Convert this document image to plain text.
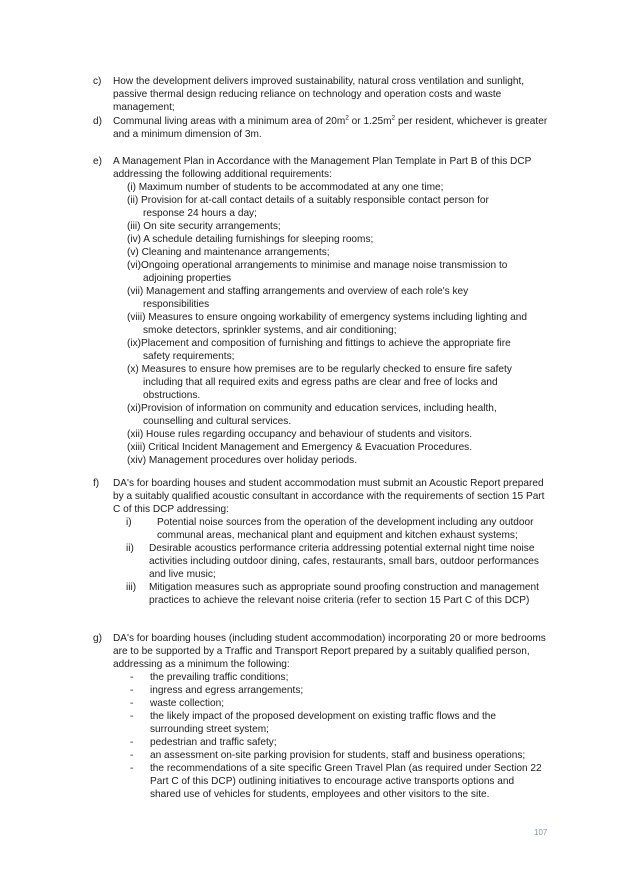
c)	How the development delivers improved sustainability, natural cross ventilation and sunlight, passive thermal design reducing reliance on technology and operation costs and waste management;
d)	Communal living areas with a minimum area of $20m^2$ or $1.25m^2$ per resident, whichever is greater and a minimum dimension of 3m.
e)	A Management Plan in Accordance with the Management Plan Template in Part B of this DCP addressing the following additional requirements:
(i) Maximum number of students to be accommodated at any one time;
(ii) Provision for at-call contact details of a suitably responsible contact person for
response 24 hours a day;
(iii) On site security arrangements;
(iv) A schedule detailing furnishings for sleeping rooms;
(v) Cleaning and maintenance arrangements;
(vi)Ongoing operational arrangements to minimise and manage noise transmission to
adjoining properties
(vii) Management and staffing arrangements and overview of each role's key
responsibilities
(viii) Measures to ensure ongoing workability of emergency systems including lighting and
smoke detectors, sprinkler systems, and air conditioning;
(ix)Placement and composition of furnishing and fittings to achieve the appropriate fire
safety requirements;
(x) Measures to ensure how premises are to be regularly checked to ensure fire safety
including that all required exits and egress paths are clear and free of locks and
obstructions.
(xi)Provision of information on community and education services, including health,
counselling and cultural services.
(xii) House rules regarding occupancy and behaviour of students and visitors.
(xiii) Critical Incident Management and Emergency & Evacuation Procedures.
(xiv) Management procedures over holiday periods.
f)	DA's for boarding houses and student accommodation must submit an Acoustic Report prepared by a suitably qualified acoustic consultant in accordance with the requirements of section 15 Part C of this DCP addressing:
i)	Potential noise sources from the operation of the development including any outdoor communal areas, mechanical plant and equipment and kitchen exhaust systems;
ii) Desirable acoustics performance criteria addressing potential external night time noise activities including outdoor dining, cafes, restaurants, small bars, outdoor performances and live music;
iii) Mitigation measures such as appropriate sound proofing construction and management practices to achieve the relevant noise criteria (refer to section 15 Part C of this DCP)
g)	DA's for boarding houses (including student accommodation) incorporating 20 or more bedrooms are to be supported by a Traffic and Transport Report prepared by a suitably qualified person, addressing as a minimum the following:
- the prevailing traffic conditions;
- ingress and egress arrangements;
- waste collection;
- the likely impact of the proposed development on existing traffic flows and the surrounding street system;
- pedestrian and traffic safety;
- an assessment on-site parking provision for students, staff and business operations;
- the recommendations of a site specific Green Travel Plan (as required under Section 22 Part C of this DCP) outlining initiatives to encourage active transports options and shared use of vehicles for students, employees and other visitors to the site.
107
